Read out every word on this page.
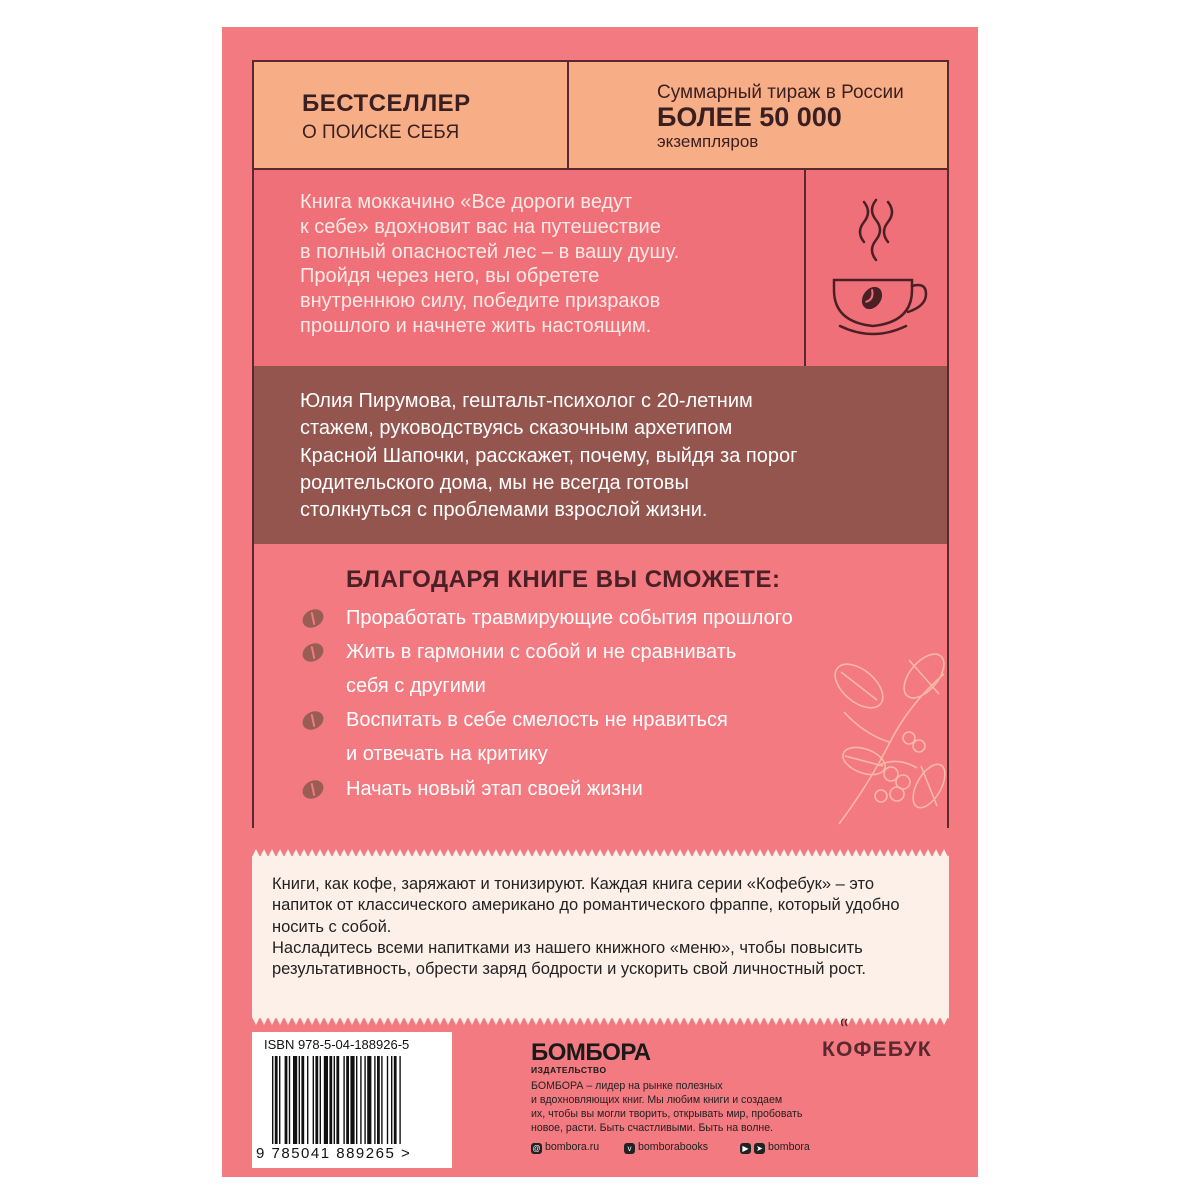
БЕСТСЕЛЛЕР
О ПОИСКЕ СЕБЯ
Суммарный тираж в России
БОЛЕЕ 50 000
экземпляров
Книга моккачино «Все дороги ведут
к себе» вдохновит вас на путешествие
в полный опасностей лес – в вашу душу.
Пройдя через него, вы обретете
внутреннюю силу, победите призраков
прошлого и начнете жить настоящим.
Юлия Пирумова, гештальт-психолог с 20-летним
стажем, руководствуясь сказочным архетипом
Красной Шапочки, расскажет, почему, выйдя за порог
родительского дома, мы не всегда готовы
столкнуться с проблемами взрослой жизни.
БЛАГОДАРЯ КНИГЕ ВЫ СМОЖЕТЕ:
Проработать травмирующие события прошлого
Жить в гармонии с собой и не сравнивать
себя с другими
Воспитать в себе смелость не нравиться
и отвечать на критику
Начать новый этап своей жизни

Книги, как кофе, заряжают и тонизируют. Каждая книга серии «Кофебук» – это напиток от классического американо до романтического фраппе, который удобно носить с собой.

Насладитесь всеми напитками из нашего книжного «меню», чтобы повысить результативность, обрести заряд бодрости и ускорить свой личностный рост.

ISBN 978-5-04-188926-5
9 785041 889265 >
БОМБОРА
ИЗДАТЕЛЬСТВО
БОМБОРА – лидер на рынке полезных
и вдохновляющих книг. Мы любим книги и создаем
их, чтобы вы могли творить, открывать мир, пробовать
новое, расти. Быть счастливыми. Быть на волне.
@ bombora.ru	v bomborabooks	▶ ➤ bombora
КОФЕБУК
